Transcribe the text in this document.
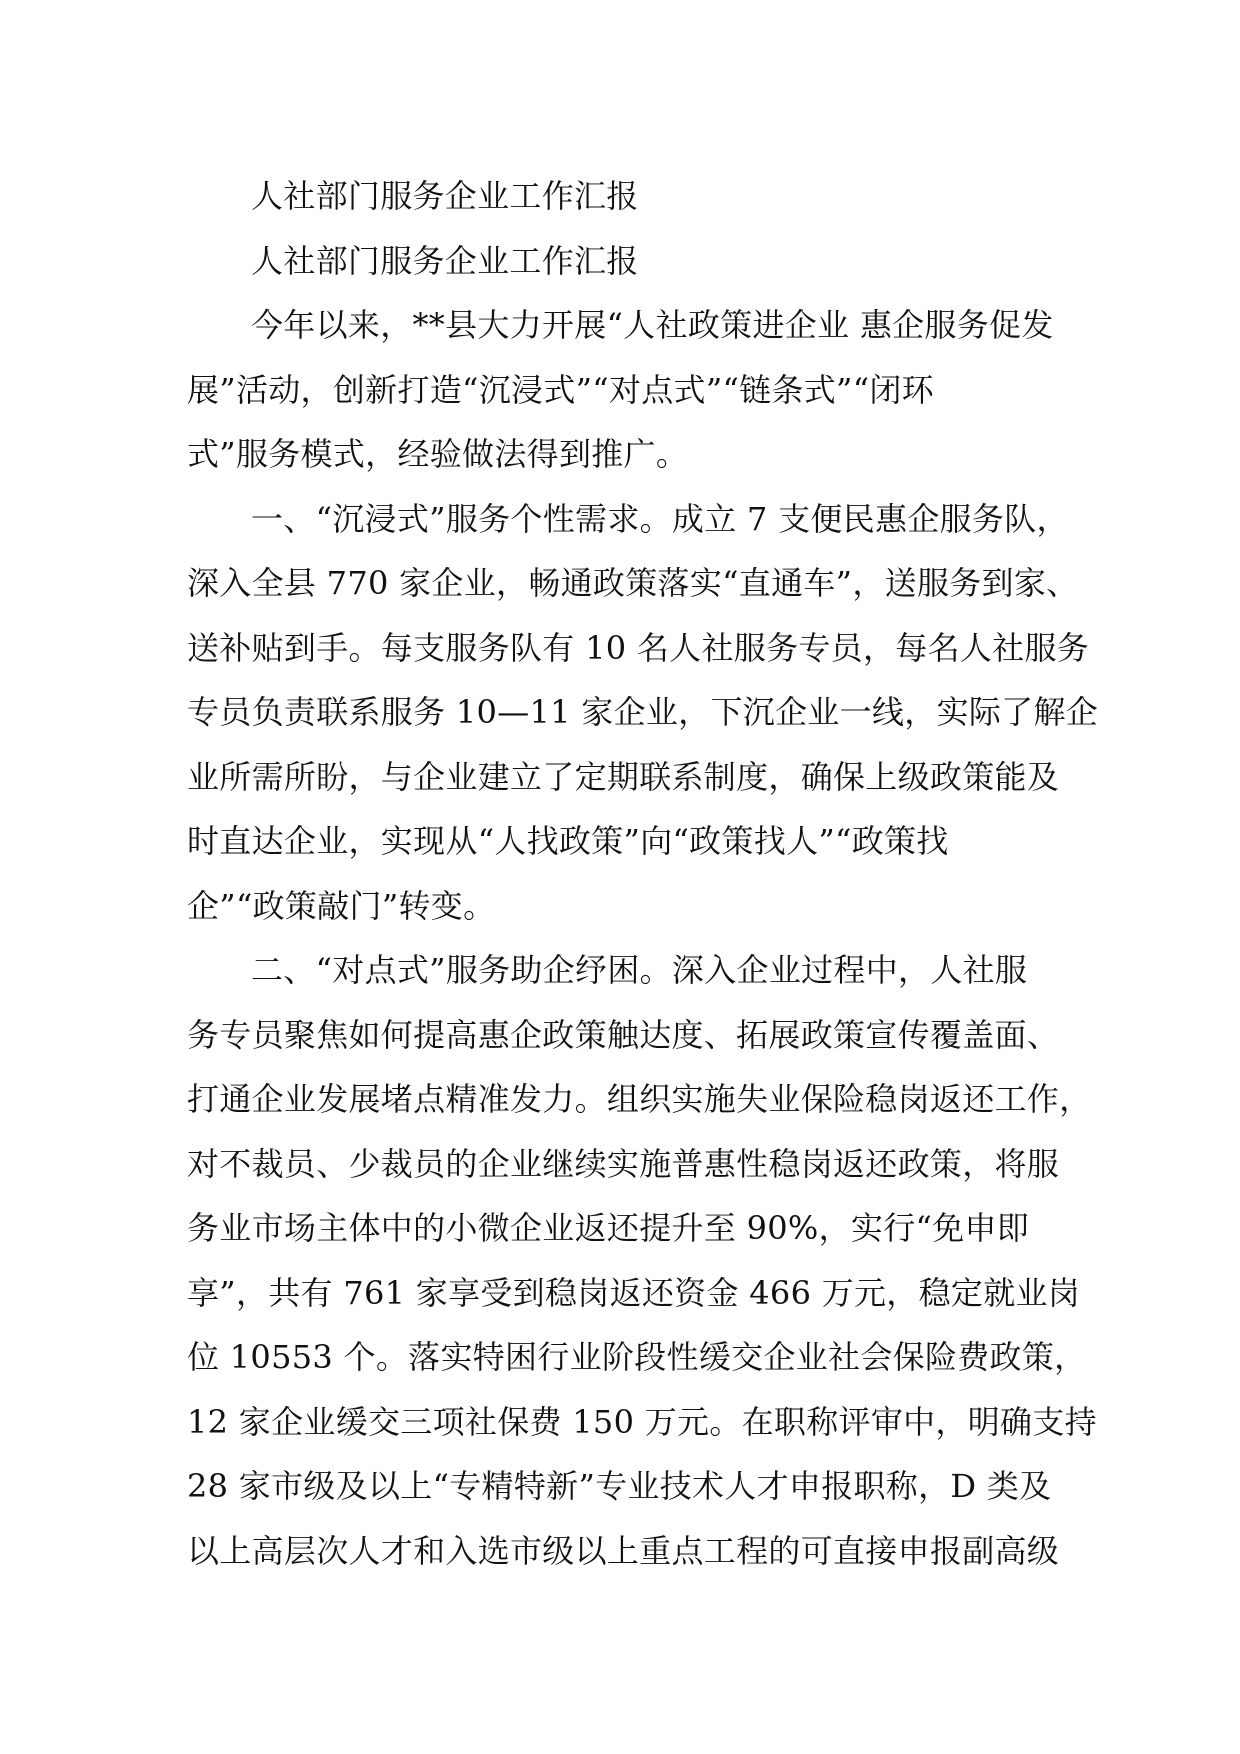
人社部门服务企业工作汇报
人社部门服务企业工作汇报
今年以来，**县大力开展“人社政策进企业 惠企服务促发
展”活动，创新打造“沉浸式”“对点式”“链条式”“闭环
式”服务模式，经验做法得到推广。
一、“沉浸式”服务个性需求。成立 7 支便民惠企服务队，
深入全县 770 家企业，畅通政策落实“直通车”，送服务到家、
送补贴到手。每支服务队有 10 名人社服务专员，每名人社服务
专员负责联系服务 10—11 家企业，下沉企业一线，实际了解企
业所需所盼，与企业建立了定期联系制度，确保上级政策能及
时直达企业，实现从“人找政策”向“政策找人”“政策找
企”“政策敲门”转变。
二、“对点式”服务助企纾困。深入企业过程中，人社服
务专员聚焦如何提高惠企政策触达度、拓展政策宣传覆盖面、
打通企业发展堵点精准发力。组织实施失业保险稳岗返还工作，
对不裁员、少裁员的企业继续实施普惠性稳岗返还政策，将服
务业市场主体中的小微企业返还提升至 90%，实行“免申即
享”，共有 761 家享受到稳岗返还资金 466 万元，稳定就业岗
位 10553 个。落实特困行业阶段性缓交企业社会保险费政策，
12 家企业缓交三项社保费 150 万元。在职称评审中，明确支持
28 家市级及以上“专精特新”专业技术人才申报职称，D 类及
以上高层次人才和入选市级以上重点工程的可直接申报副高级
